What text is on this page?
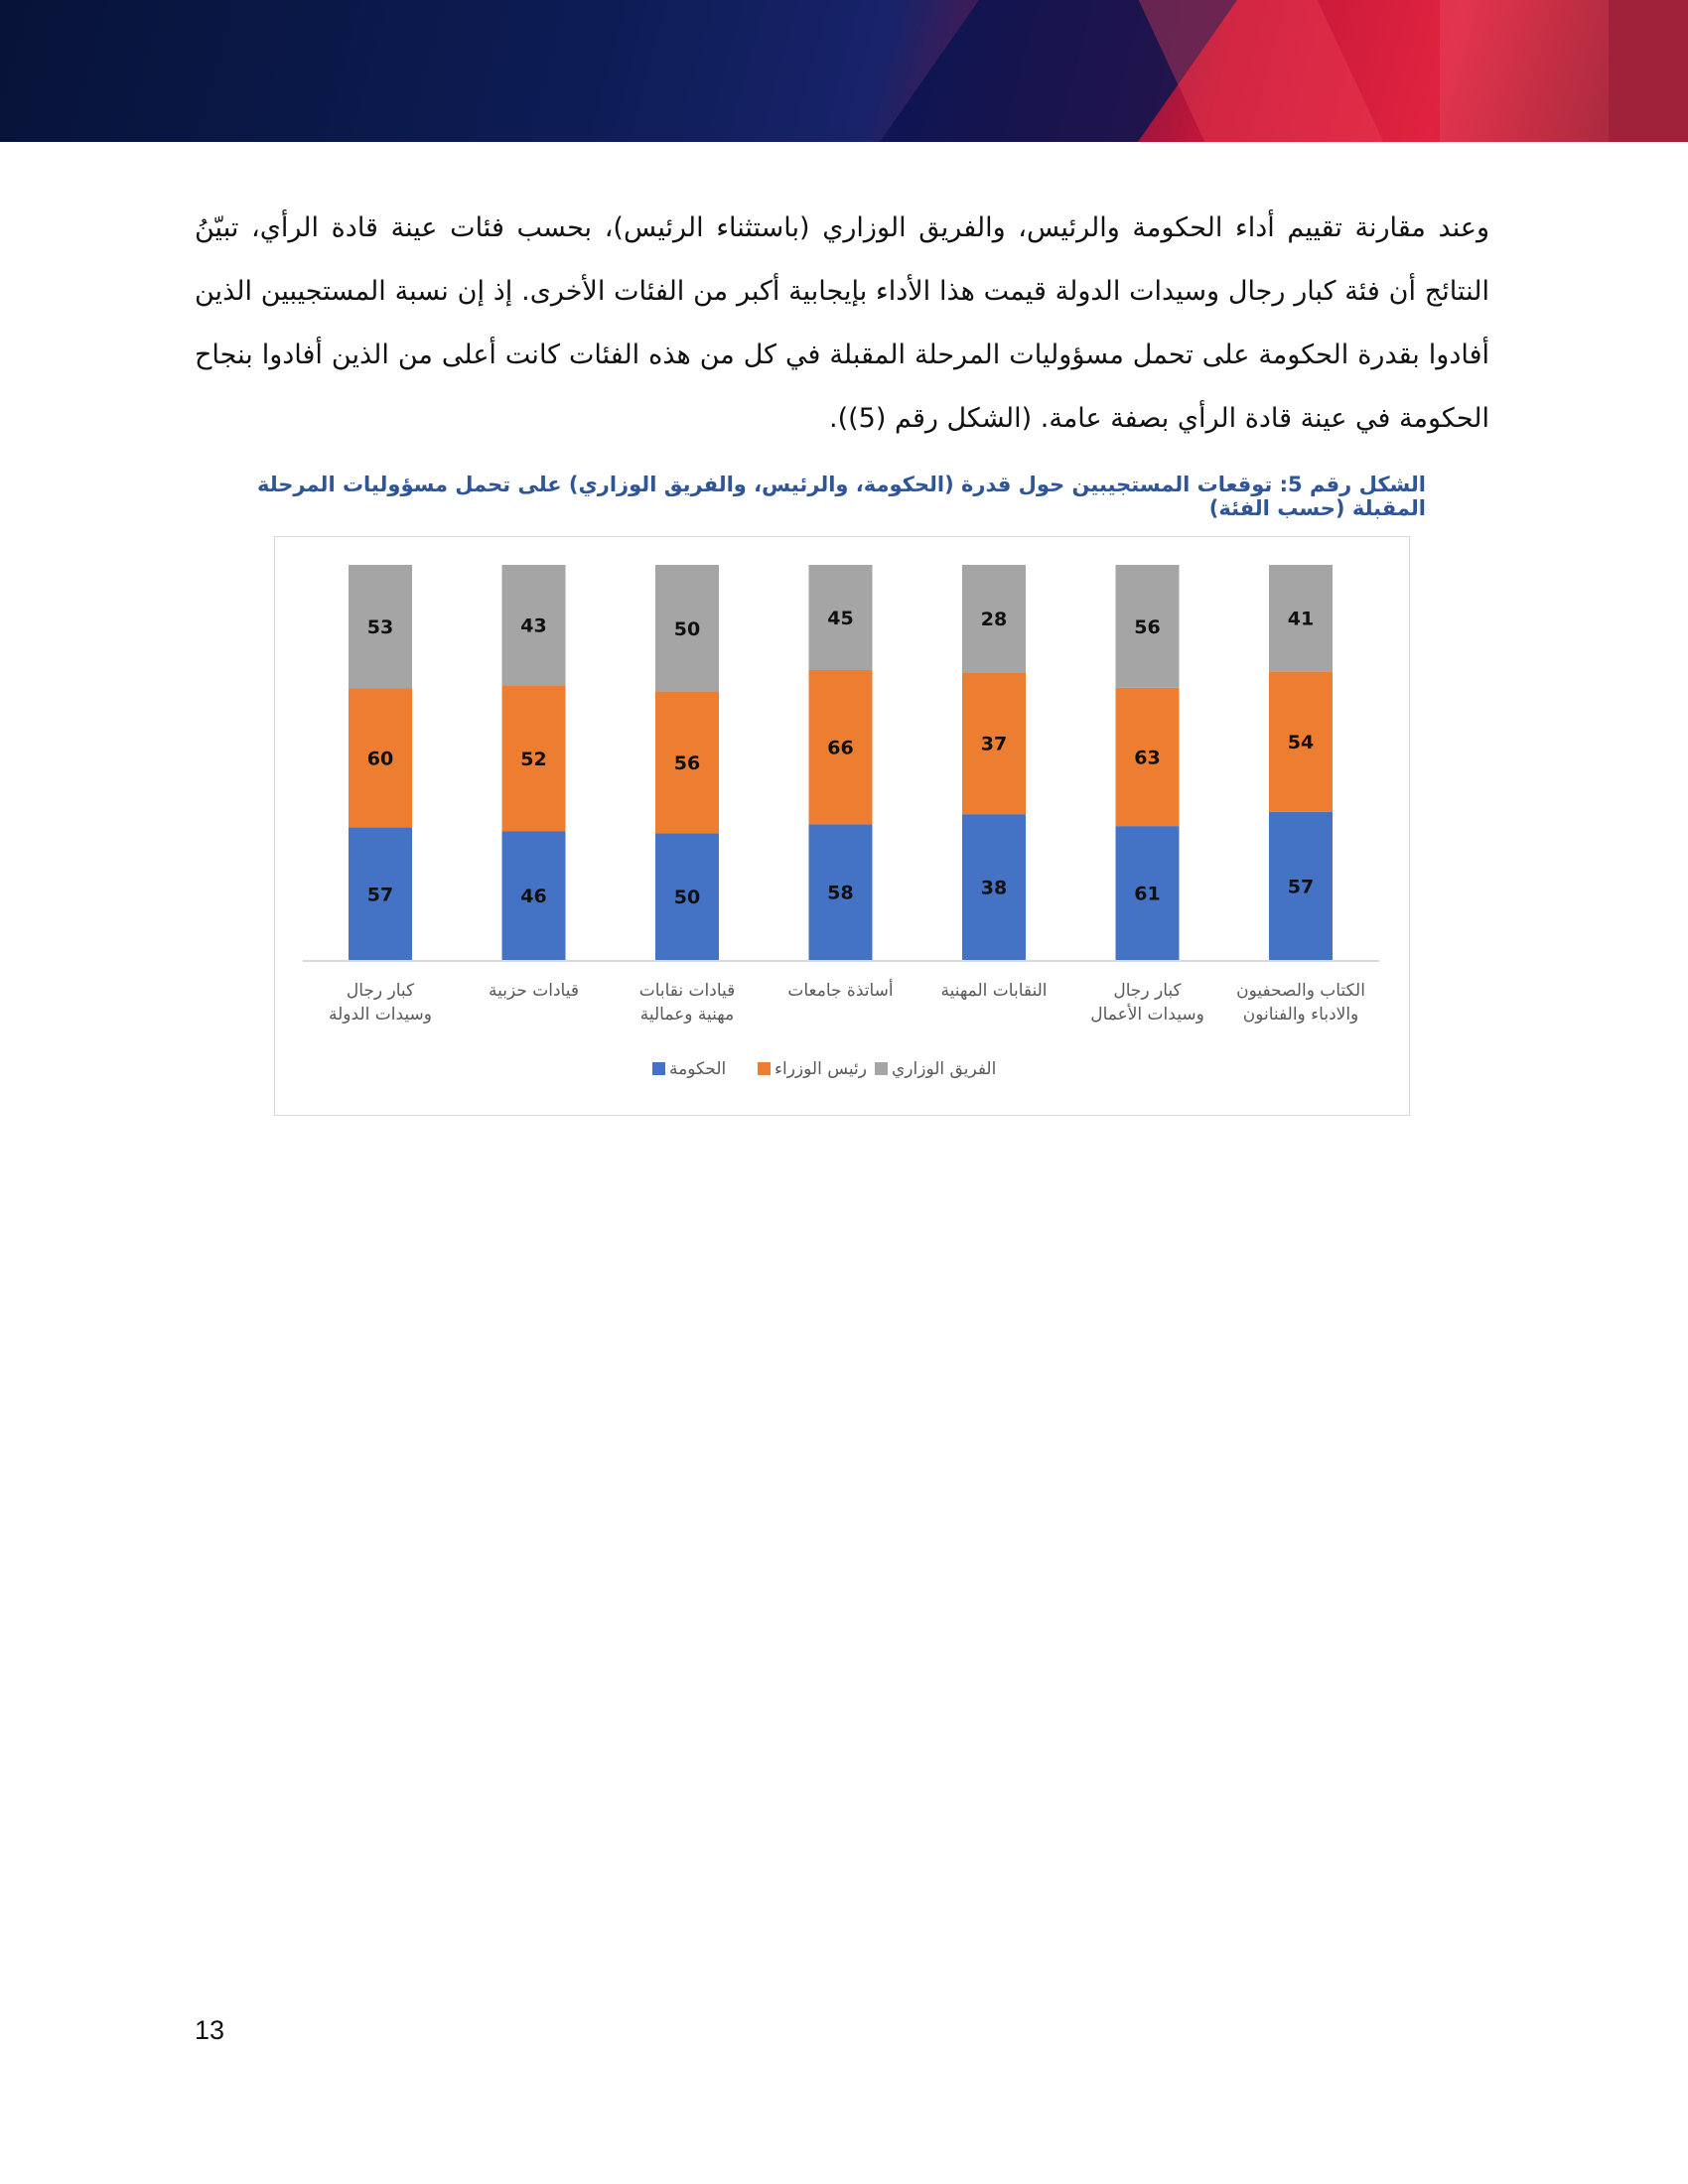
وعند مقارنة تقييم أداء الحكومة والرئيس، والفريق الوزاري (باستثناء الرئيس)، بحسب فئات عينة قادة الرأي، تبيّنُ النتائج أن فئة كبار رجال وسيدات الدولة قيمت هذا الأداء بإيجابية أكبر من الفئات الأخرى. إذ إن نسبة المستجيبين الذين أفادوا بقدرة الحكومة على تحمل مسؤوليات المرحلة المقبلة في كل من هذه الفئات كانت أعلى من الذين أفادوا بنجاح الحكومة في عينة قادة الرأي بصفة عامة. (الشكل رقم (5)).
الشكل رقم 5: توقعات المستجيبين حول قدرة (الحكومة، والرئيس، والفريق الوزاري) على تحمل مسؤوليات المرحلة المقبلة (حسب الفئة)
57
60
53
46
52
43
50
56
50
58
66
45
38
37
28
61
63
56
57
54
41
كبار رجال وسيدات الدولة
قيادات حزبية	قيادات نقابات مهنية وعمالية
أساتذة جامعات	النقابات المهنية	كبار رجال وسيدات الأعمال
الكتاب والصحفيون والادباء والفنانون
الحكومة	رئيس الوزراء الفريق الوزاري
13
